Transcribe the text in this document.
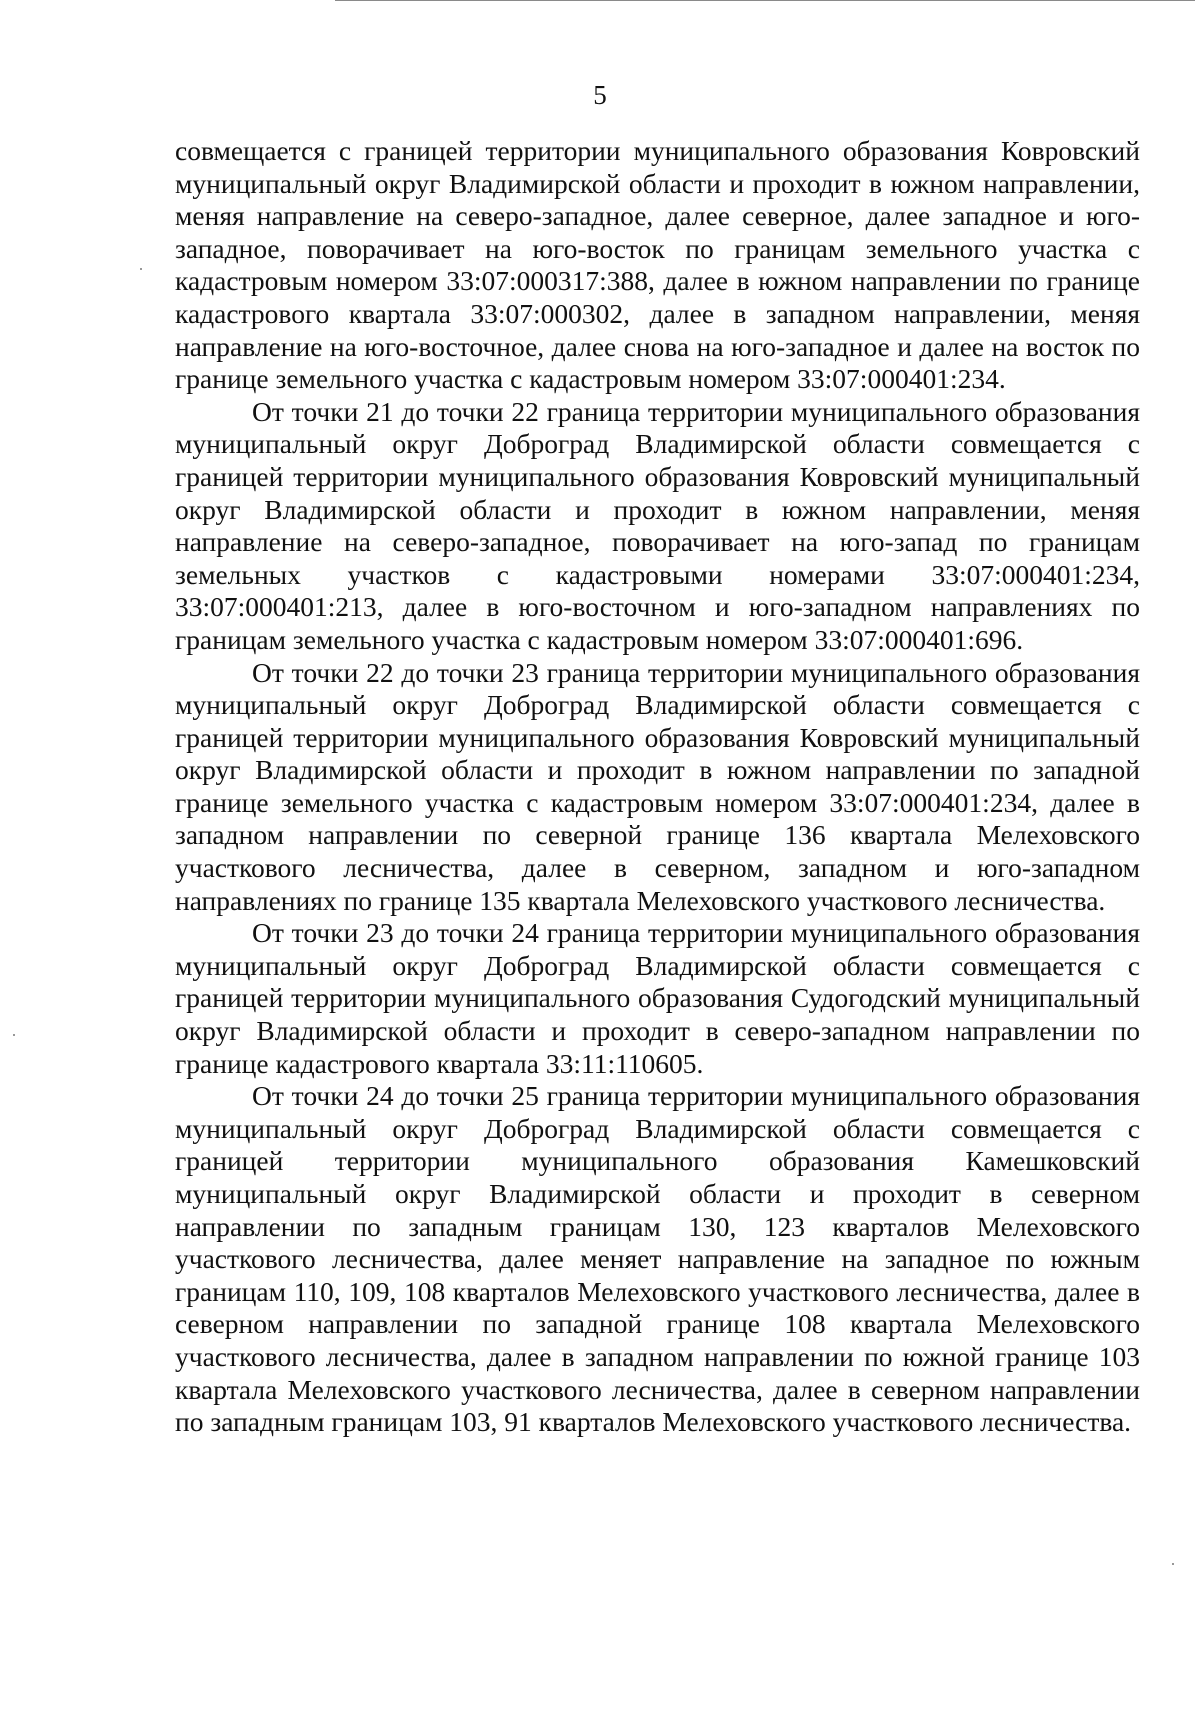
5

совмещается с границей территории муниципального образования Ковровский муниципальный округ Владимирской области и проходит в южном направлении, меняя направление на северо-западное, далее северное, далее западное и юго-западное, поворачивает на юго-восток по границам земельного участка с кадастровым номером 33:07:000317:388, далее в южном направлении по границе кадастрового квартала 33:07:000302, далее в западном направлении, меняя направление на юго-восточное, далее снова на юго-западное и далее на восток по границе земельного участка с кадастровым номером 33:07:000401:234.

От точки 21 до точки 22 граница территории муниципального образования муниципальный округ Доброград Владимирской области совмещается с границей территории муниципального образования Ковровский муниципальный округ Владимирской области и проходит в южном направлении, меняя направление на северо-западное, поворачивает на юго-запад по границам земельных участков с кадастровыми номерами 33:07:000401:234, 33:07:000401:213, далее в юго-восточном и юго-западном направлениях по границам земельного участка с кадастровым номером 33:07:000401:696.

От точки 22 до точки 23 граница территории муниципального образования муниципальный округ Доброград Владимирской области совмещается с границей территории муниципального образования Ковровский муниципальный округ Владимирской области и проходит в южном направлении по западной границе земельного участка с кадастровым номером 33:07:000401:234, далее в западном направлении по северной границе 136 квартала Мелеховского участкового лесничества, далее в северном, западном и юго-западном направлениях по границе 135 квартала Мелеховского участкового лесничества.

От точки 23 до точки 24 граница территории муниципального образования муниципальный округ Доброград Владимирской области совмещается с границей территории муниципального образования Судогодский муниципальный округ Владимирской области и проходит в северо-западном направлении по границе кадастрового квартала 33:11:110605.

От точки 24 до точки 25 граница территории муниципального образования муниципальный округ Доброград Владимирской области совмещается с границей территории муниципального образования Камешковский муниципальный округ Владимирской области и проходит в северном направлении по западным границам 130, 123 кварталов Мелеховского участкового лесничества, далее меняет направление на западное по южным границам 110, 109, 108 кварталов Мелеховского участкового лесничества, далее в северном направлении по западной границе 108 квартала Мелеховского участкового лесничества, далее в западном направлении по южной границе 103 квартала Мелеховского участкового лесничества, далее в северном направлении по западным границам 103, 91 кварталов Мелеховского участкового лесничества.
